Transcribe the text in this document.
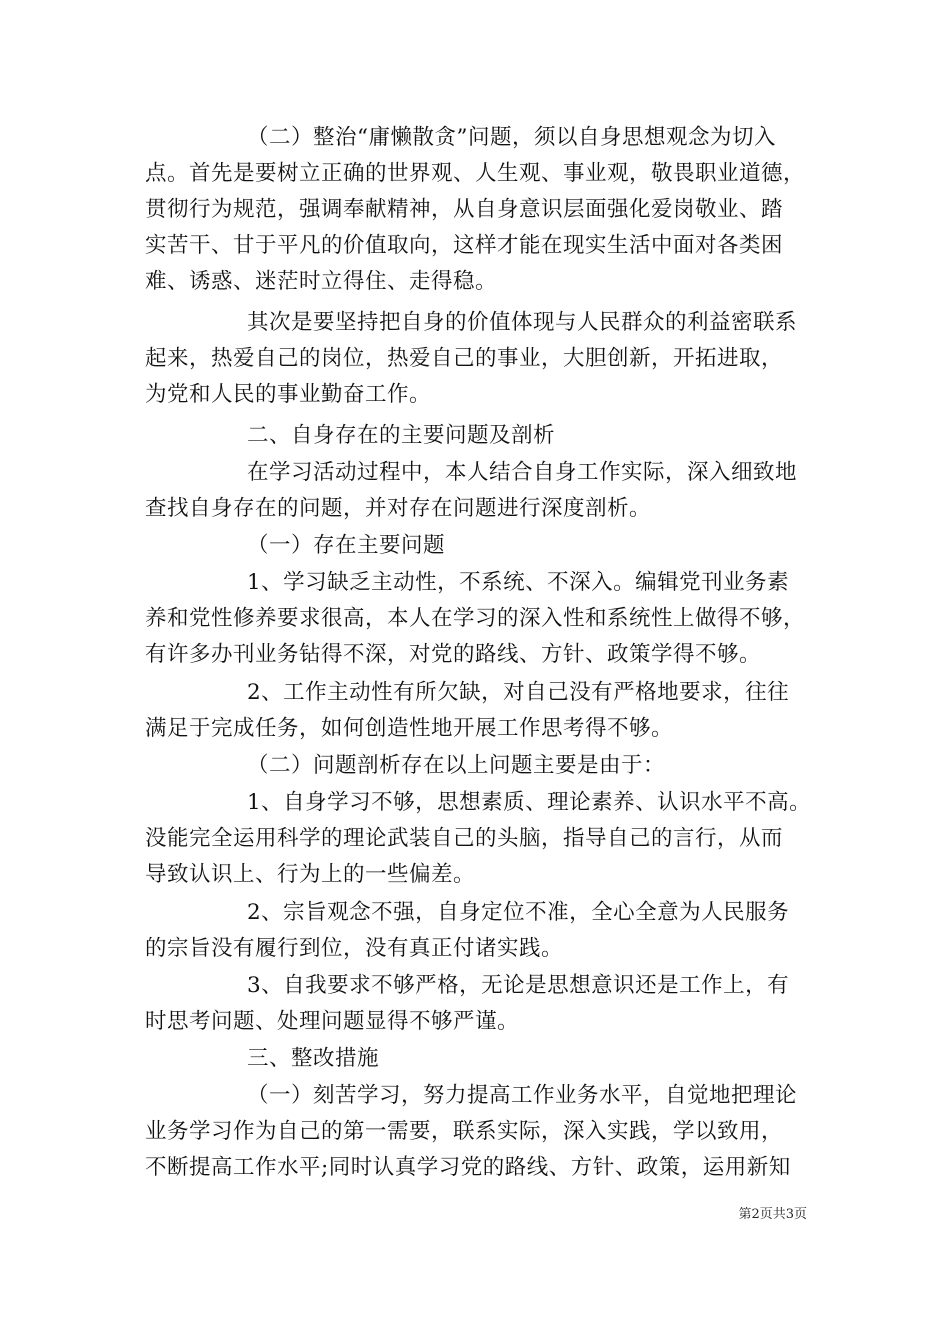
（二）整治“庸懒散贪”问题，须以自身思想观念为切入
点。首先是要树立正确的世界观、人生观、事业观，敬畏职业道德，
贯彻行为规范，强调奉献精神，从自身意识层面强化爱岗敬业、踏
实苦干、甘于平凡的价值取向，这样才能在现实生活中面对各类困
难、诱惑、迷茫时立得住、走得稳。
其次是要坚持把自身的价值体现与人民群众的利益密联系
起来，热爱自己的岗位，热爱自己的事业，大胆创新，开拓进取，
为党和人民的事业勤奋工作。
二、自身存在的主要问题及剖析
在学习活动过程中，本人结合自身工作实际，深入细致地
查找自身存在的问题，并对存在问题进行深度剖析。
（一）存在主要问题
1、学习缺乏主动性，不系统、不深入。编辑党刊业务素
养和党性修养要求很高，本人在学习的深入性和系统性上做得不够，
有许多办刊业务钻得不深，对党的路线、方针、政策学得不够。
2、工作主动性有所欠缺，对自己没有严格地要求，往往
满足于完成任务，如何创造性地开展工作思考得不够。
（二）问题剖析存在以上问题主要是由于：
1、自身学习不够，思想素质、理论素养、认识水平不高。
没能完全运用科学的理论武装自己的头脑，指导自己的言行，从而
导致认识上、行为上的一些偏差。
2、宗旨观念不强，自身定位不准，全心全意为人民服务
的宗旨没有履行到位，没有真正付诸实践。
3、自我要求不够严格，无论是思想意识还是工作上，有
时思考问题、处理问题显得不够严谨。
三、整改措施
（一）刻苦学习，努力提高工作业务水平，自觉地把理论
业务学习作为自己的第一需要，联系实际，深入实践，学以致用，
不断提高工作水平;同时认真学习党的路线、方针、政策，运用新知
第2页共3页
